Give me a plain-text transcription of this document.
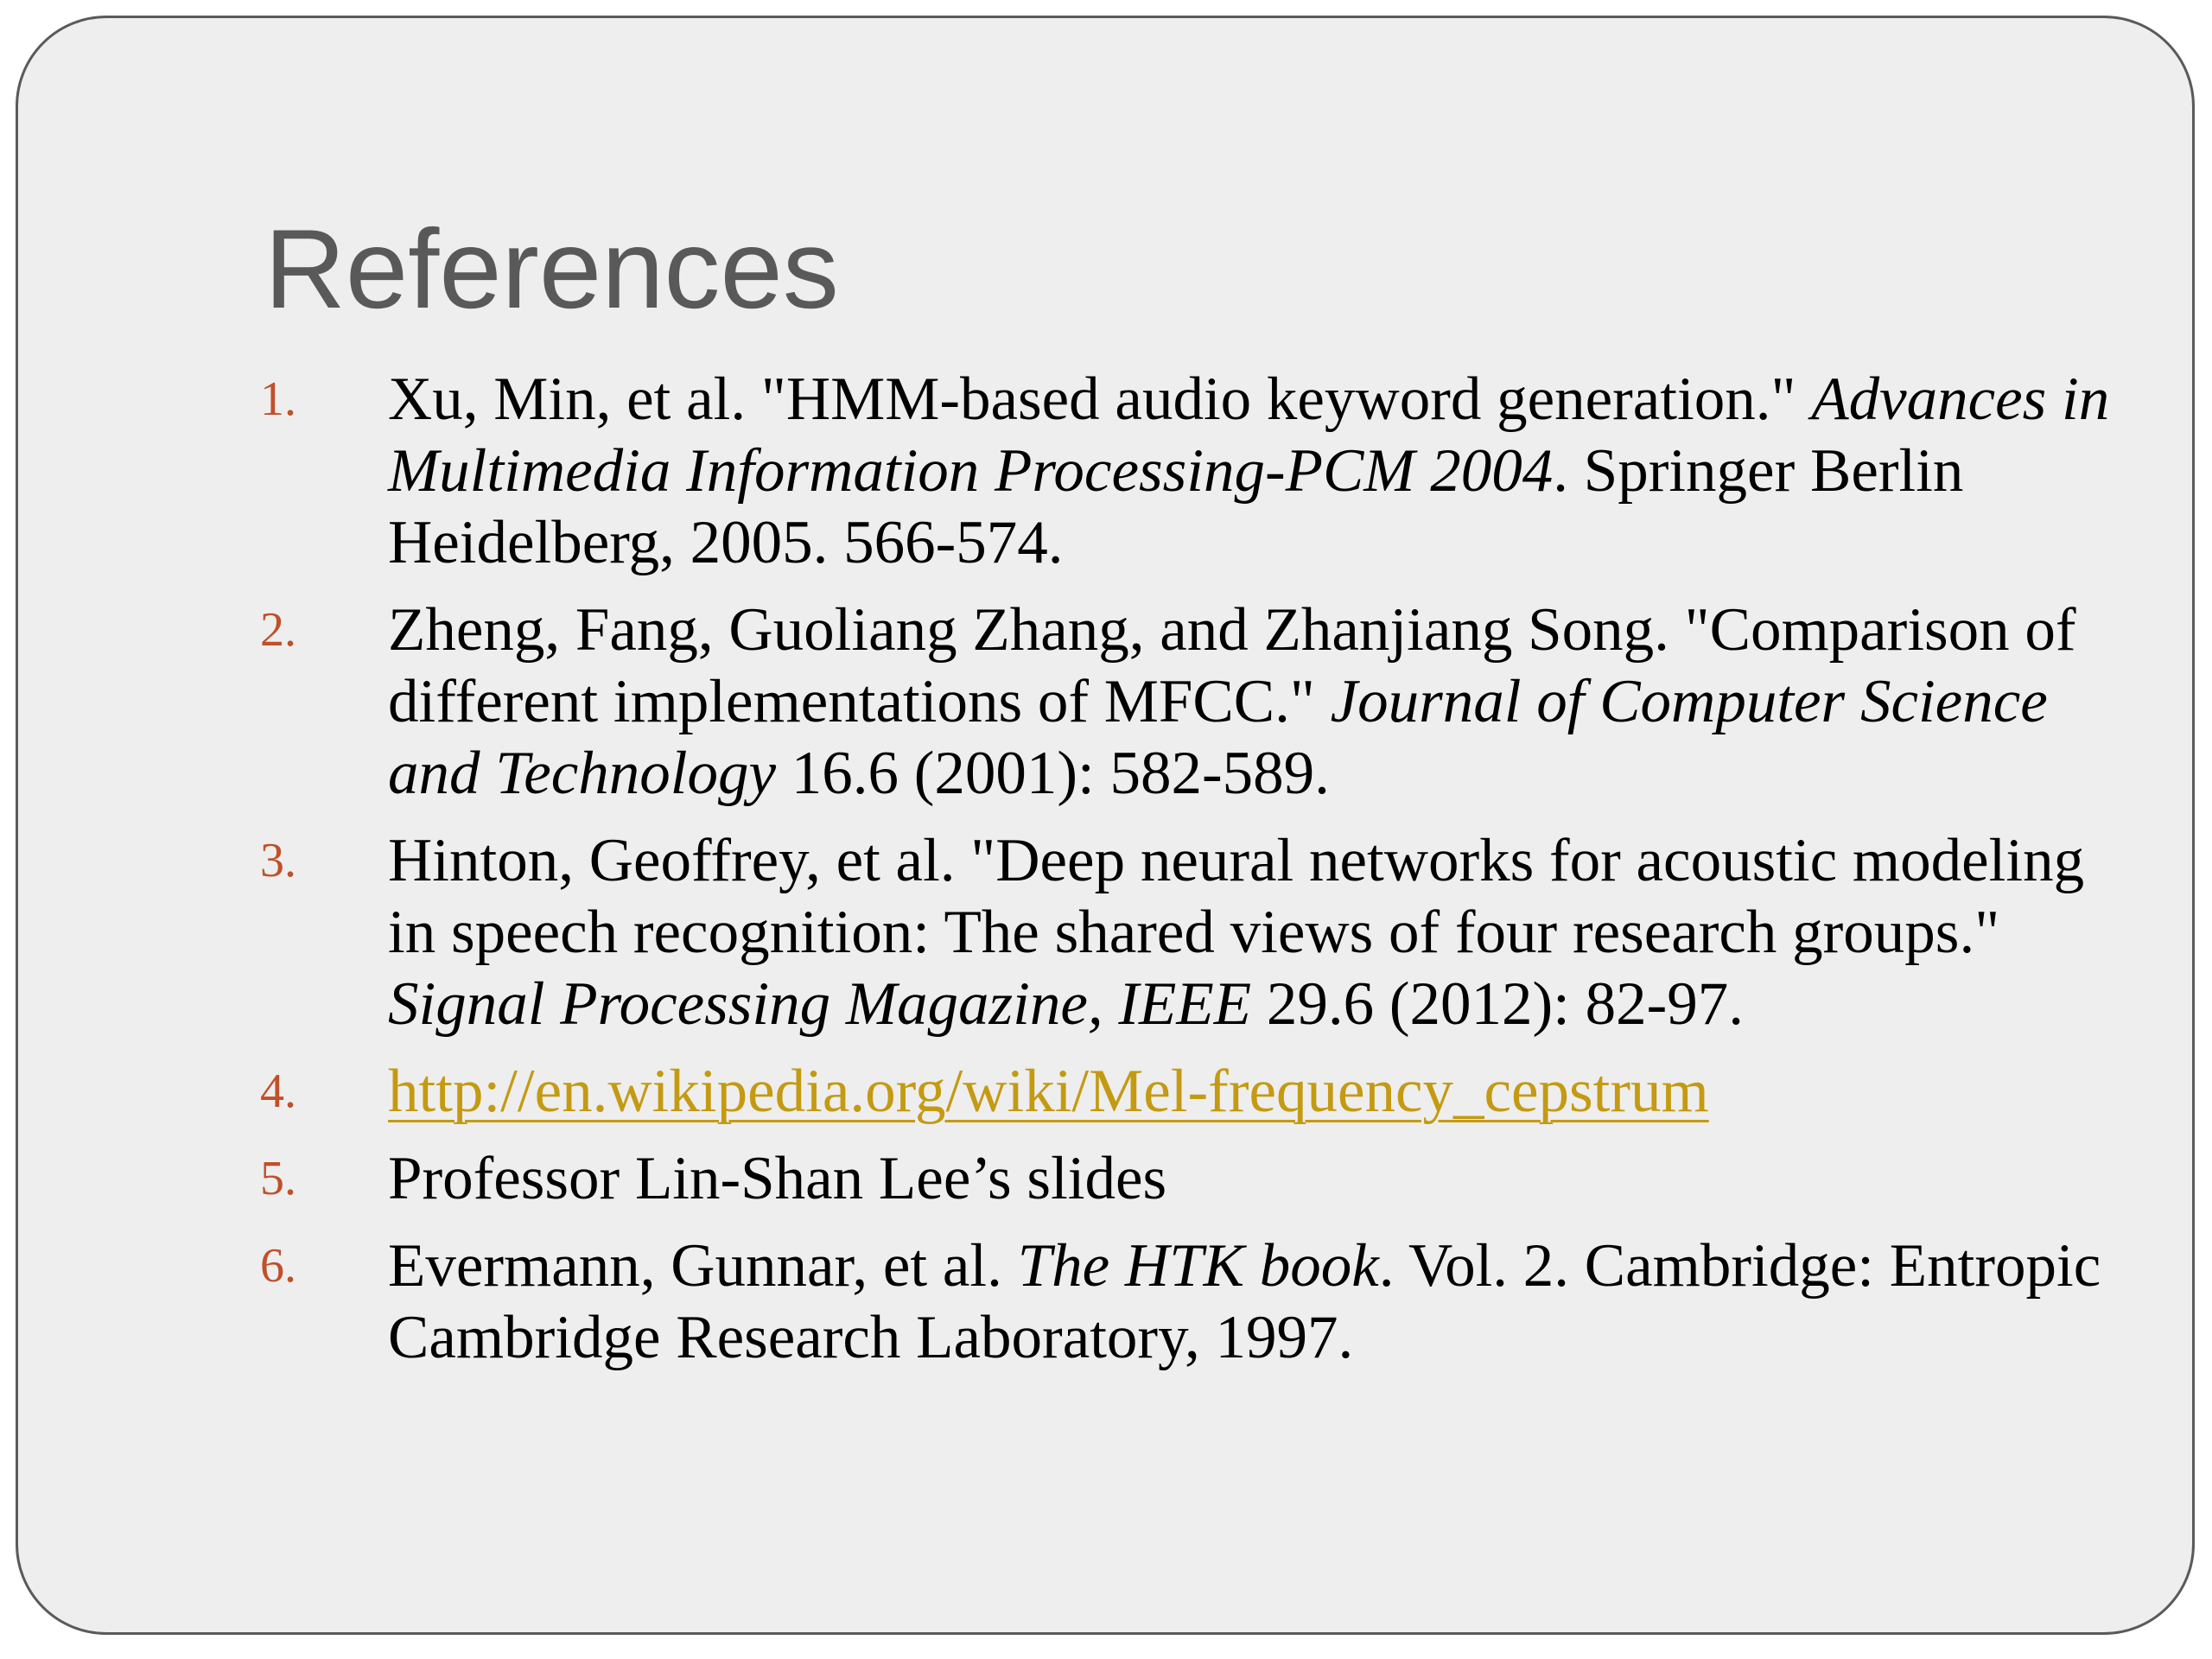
References
1.	Xu, Min, et al. "HMM-based audio keyword generation." Advances in Multimedia Information Processing-PCM 2004. Springer Berlin Heidelberg, 2005. 566-574.
2.	Zheng, Fang, Guoliang Zhang, and Zhanjiang Song. "Comparison of different implementations of MFCC." Journal of Computer Science and Technology 16.6 (2001): 582-589.
3.	Hinton, Geoffrey, et al. "Deep neural networks for acoustic modeling in speech recognition: The shared views of four research groups." Signal Processing Magazine, IEEE 29.6 (2012): 82-97.
4.	http://en.wikipedia.org/wiki/Mel-frequency_cepstrum
5.	Professor Lin-Shan Lee’s slides
6.	Evermann, Gunnar, et al. The HTK book. Vol. 2. Cambridge: Entropic Cambridge Research Laboratory, 1997.
